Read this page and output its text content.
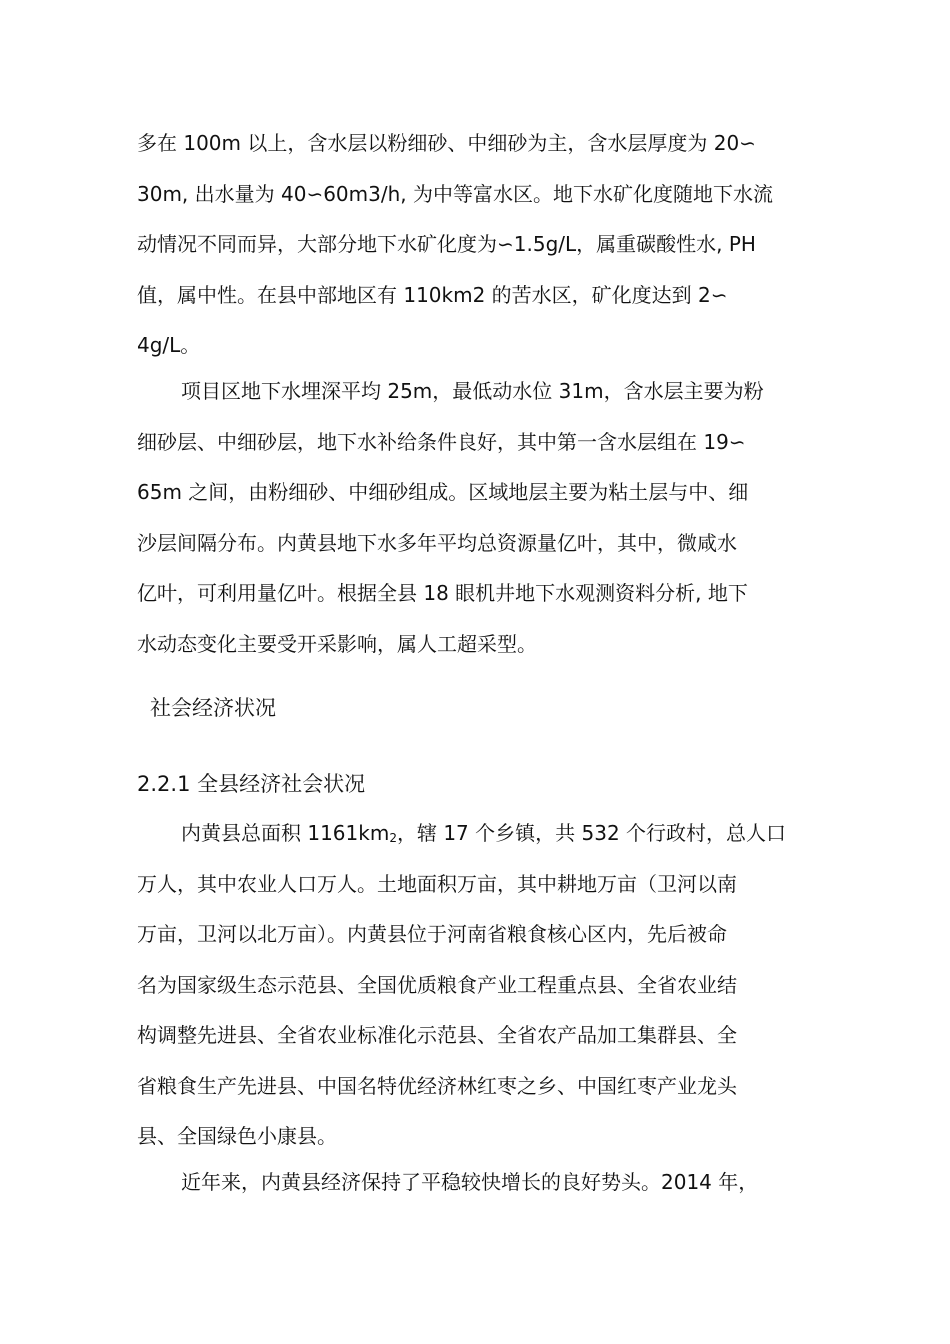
多在 100m 以上，含水层以粉细砂、中细砂为主，含水层厚度为 20∽
30m, 出水量为 40∽60m3/h, 为中等富水区。地下水矿化度随地下水流
动情况不同而异，大部分地下水矿化度为∽1.5g/L，属重碳酸性水, PH
值，属中性。在县中部地区有 110km2 的苦水区，矿化度达到 2∽
4g/L。
项目区地下水埋深平均 25m，最低动水位 31m，含水层主要为粉
细砂层、中细砂层，地下水补给条件良好，其中第一含水层组在 19∽
65m 之间，由粉细砂、中细砂组成。区域地层主要为粘土层与中、细
沙层间隔分布。内黄县地下水多年平均总资源量亿叶，其中，微咸水
亿叶，可利用量亿叶。根据全县 18 眼机井地下水观测资料分析, 地下
水动态变化主要受开采影响，属人工超采型。
社会经济状况
2.2.1 全县经济社会状况
内黄县总面积 $1161km_2$，辖 17 个乡镇，共 532 个行政村，总人口
万人，其中农业人口万人。土地面积万亩，其中耕地万亩（卫河以南
万亩，卫河以北万亩）。内黄县位于河南省粮食核心区内，先后被命
名为国家级生态示范县、全国优质粮食产业工程重点县、全省农业结
构调整先进县、全省农业标准化示范县、全省农产品加工集群县、全
省粮食生产先进县、中国名特优经济林红枣之乡、中国红枣产业龙头
县、全国绿色小康县。
近年来，内黄县经济保持了平稳较快增长的良好势头。2014 年，
